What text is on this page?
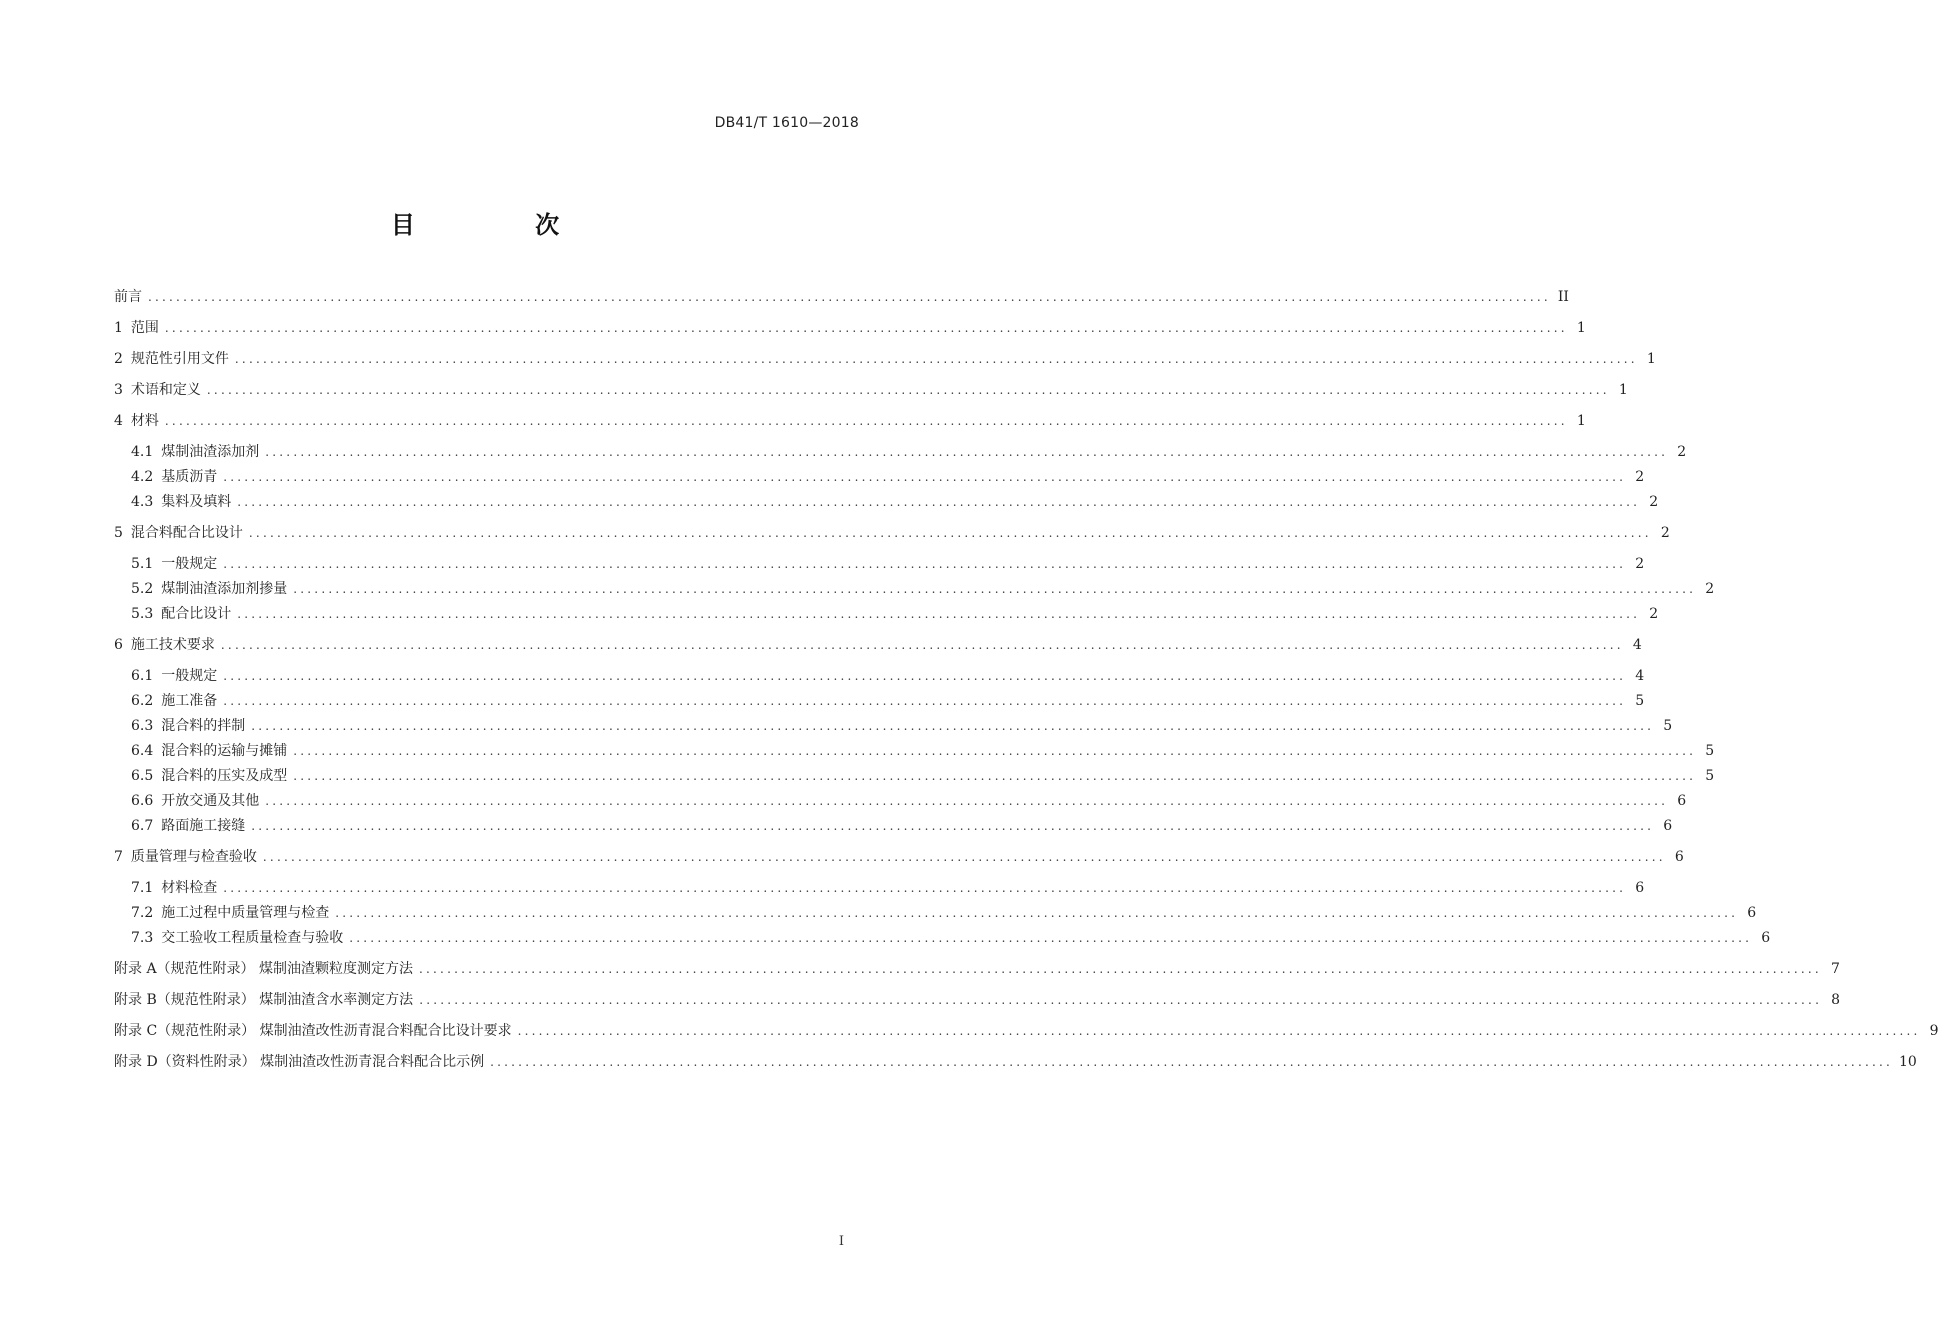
DB41/T 1610—2018
目 次
前言 ........................................................................................................................................................................................................ II
1 范围 ........................................................................................................................................................................................................ 1
2 规范性引用文件 ........................................................................................................................................................................................................ 1
3 术语和定义 ........................................................................................................................................................................................................ 1
4 材料 ........................................................................................................................................................................................................ 1
4.1 煤制油渣添加剂 ........................................................................................................................................................................................................ 2
4.2 基质沥青 ........................................................................................................................................................................................................ 2
4.3 集料及填料 ........................................................................................................................................................................................................ 2
5 混合料配合比设计 ........................................................................................................................................................................................................ 2
5.1 一般规定 ........................................................................................................................................................................................................ 2
5.2 煤制油渣添加剂掺量 ........................................................................................................................................................................................................ 2
5.3 配合比设计 ........................................................................................................................................................................................................ 2
6 施工技术要求 ........................................................................................................................................................................................................ 4
6.1 一般规定 ........................................................................................................................................................................................................ 4
6.2 施工准备 ........................................................................................................................................................................................................ 5
6.3 混合料的拌制 ........................................................................................................................................................................................................ 5
6.4 混合料的运输与摊铺 ........................................................................................................................................................................................................ 5
6.5 混合料的压实及成型 ........................................................................................................................................................................................................ 5
6.6 开放交通及其他 ........................................................................................................................................................................................................ 6
6.7 路面施工接缝 ........................................................................................................................................................................................................ 6
7 质量管理与检查验收 ........................................................................................................................................................................................................ 6
7.1 材料检查 ........................................................................................................................................................................................................ 6
7.2 施工过程中质量管理与检查 ........................................................................................................................................................................................................ 6
7.3 交工验收工程质量检查与验收 ........................................................................................................................................................................................................ 6
附录 A（规范性附录） 煤制油渣颗粒度测定方法 ........................................................................................................................................................................................................ 7
附录 B（规范性附录） 煤制油渣含水率测定方法 ........................................................................................................................................................................................................ 8
附录 C（规范性附录） 煤制油渣改性沥青混合料配合比设计要求 ........................................................................................................................................................................................................ 9
附录 D（资料性附录） 煤制油渣改性沥青混合料配合比示例 ........................................................................................................................................................................................................ 10
I
